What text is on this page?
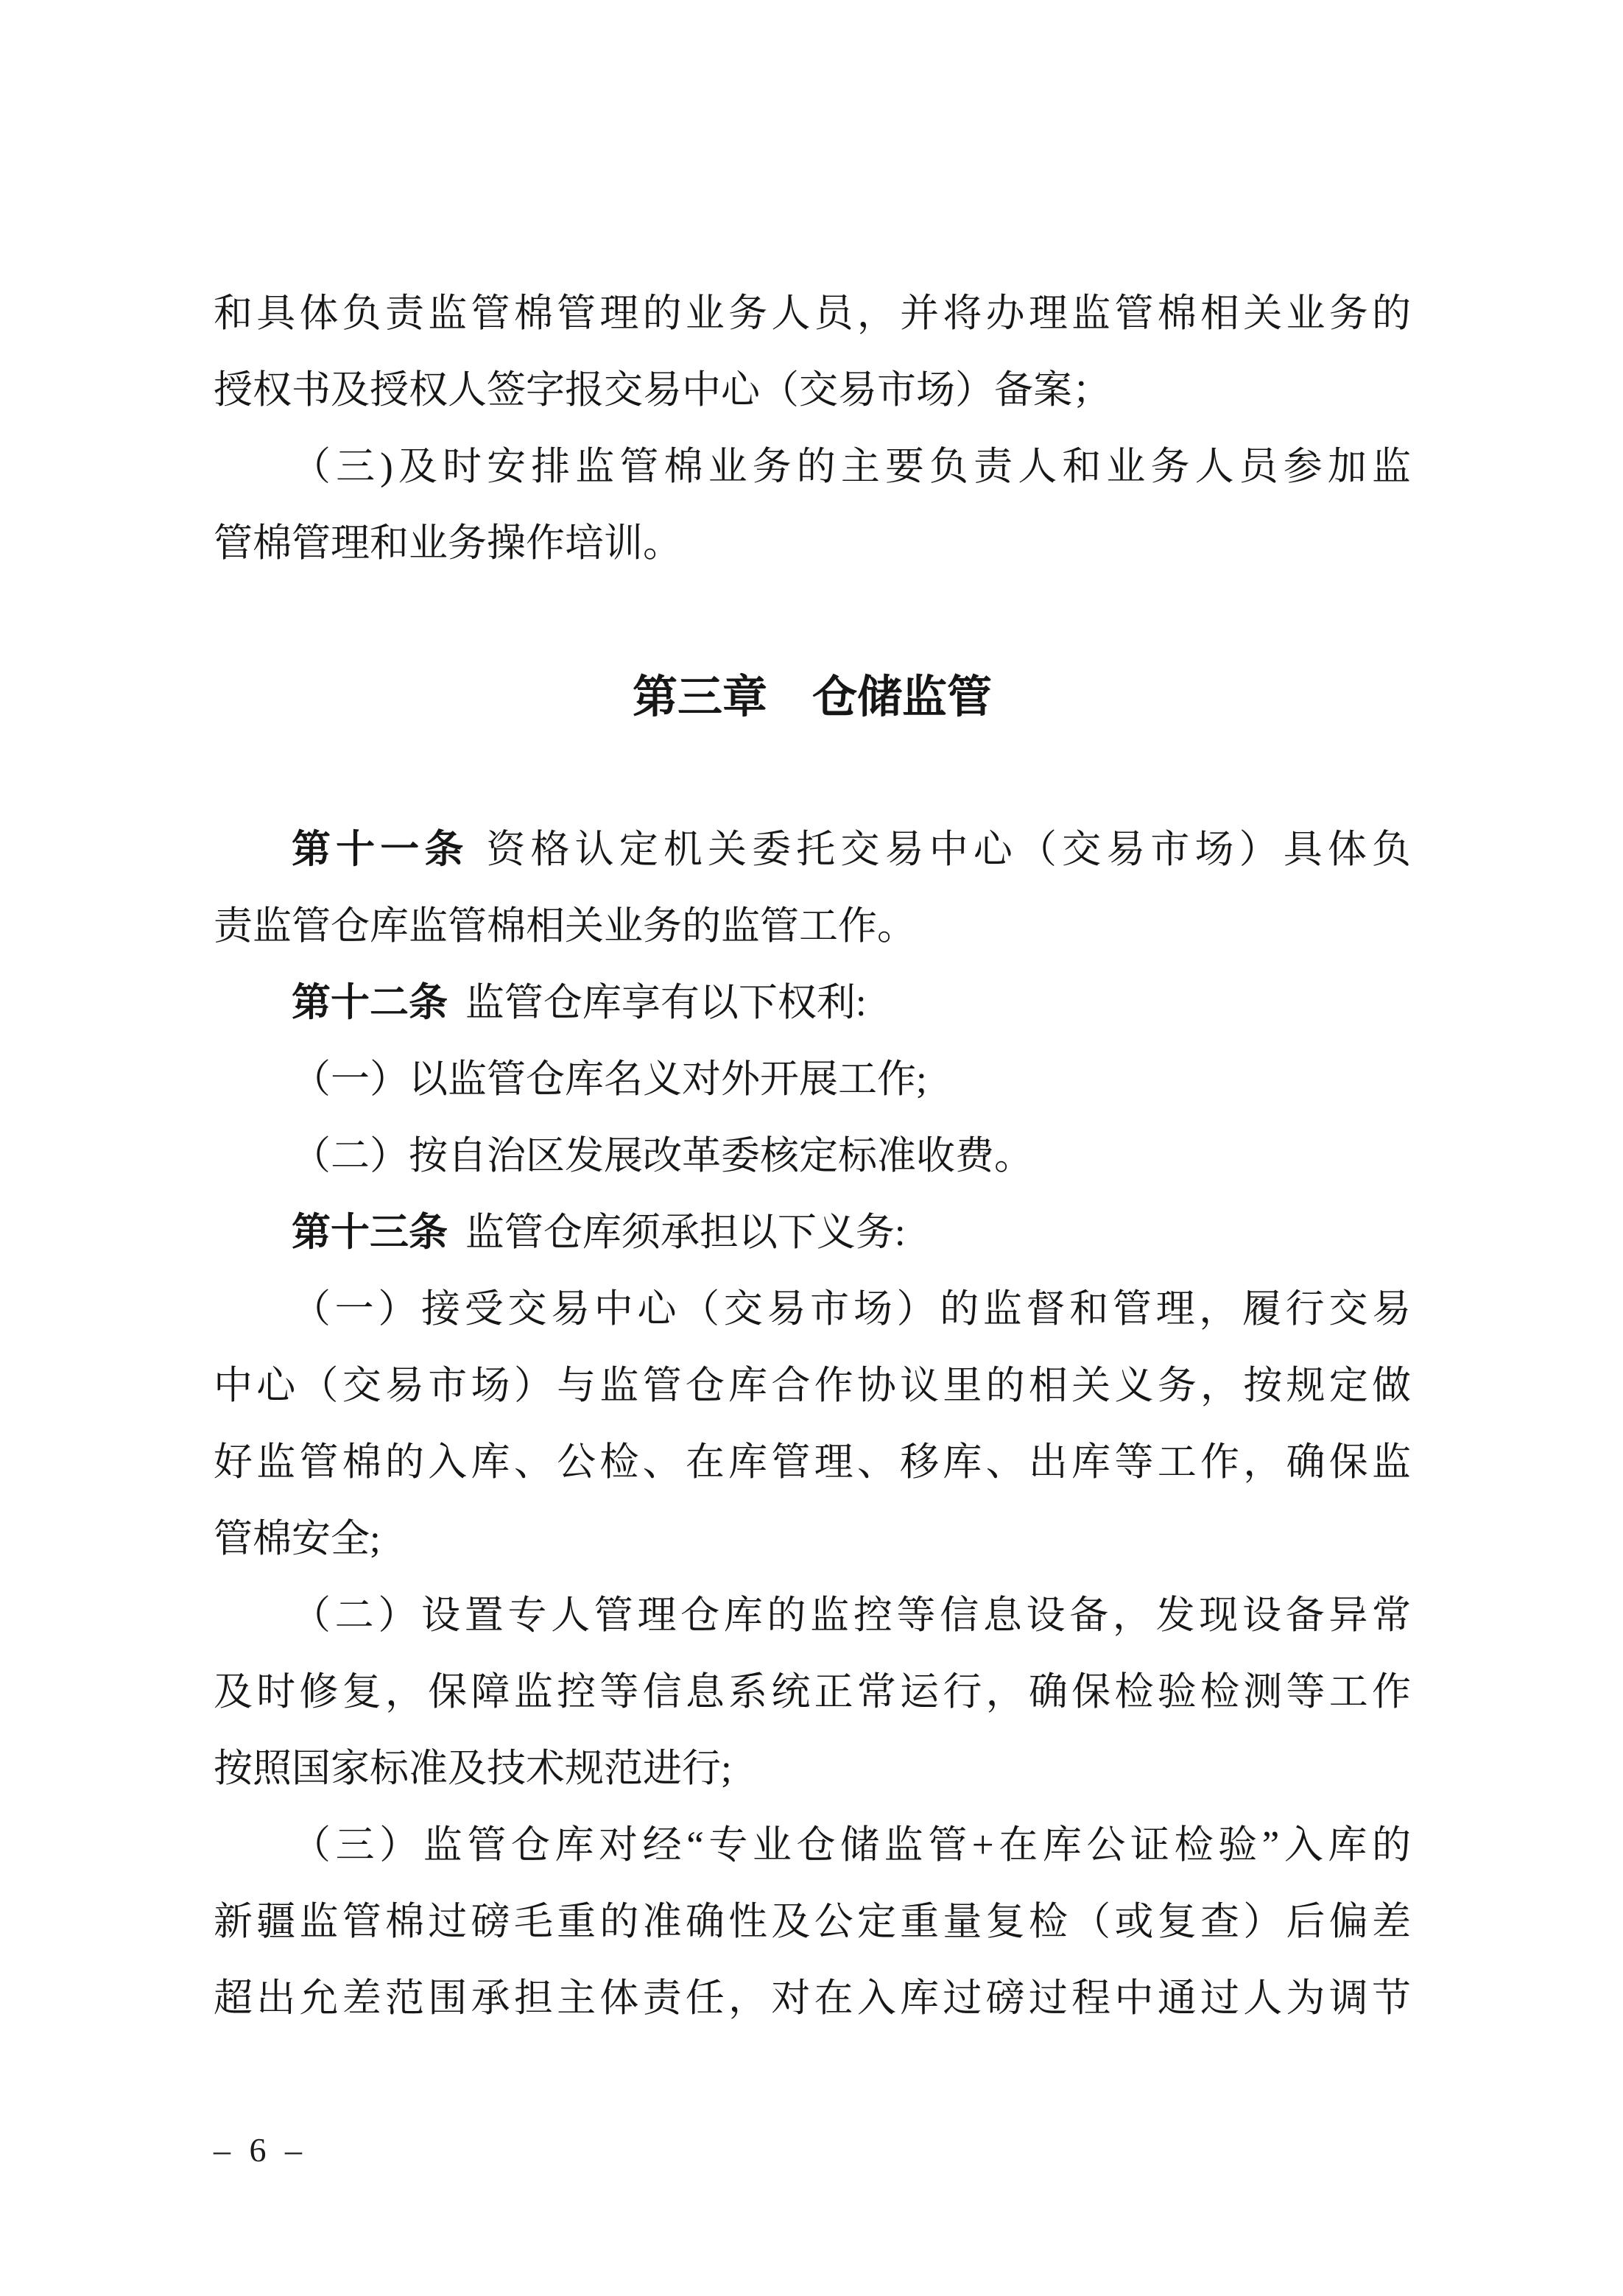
和具体负责监管棉管理的业务人员，并将办理监管棉相关业务的
授权书及授权人签字报交易中心（交易市场）备案；
（三)及时安排监管棉业务的主要负责人和业务人员参加监
管棉管理和业务操作培训。
第三章　仓储监管
第十一条 资格认定机关委托交易中心（交易市场）具体负
责监管仓库监管棉相关业务的监管工作。
第十二条 监管仓库享有以下权利:
（一）以监管仓库名义对外开展工作;
（二）按自治区发展改革委核定标准收费。
第十三条 监管仓库须承担以下义务:
（一）接受交易中心（交易市场）的监督和管理，履行交易
中心（交易市场）与监管仓库合作协议里的相关义务，按规定做
好监管棉的入库、公检、在库管理、移库、出库等工作，确保监
管棉安全;
（二）设置专人管理仓库的监控等信息设备，发现设备异常
及时修复，保障监控等信息系统正常运行，确保检验检测等工作
按照国家标准及技术规范进行;
（三）监管仓库对经“专业仓储监管+在库公证检验”入库的
新疆监管棉过磅毛重的准确性及公定重量复检（或复查）后偏差
超出允差范围承担主体责任，对在入库过磅过程中通过人为调节
– 6 –
